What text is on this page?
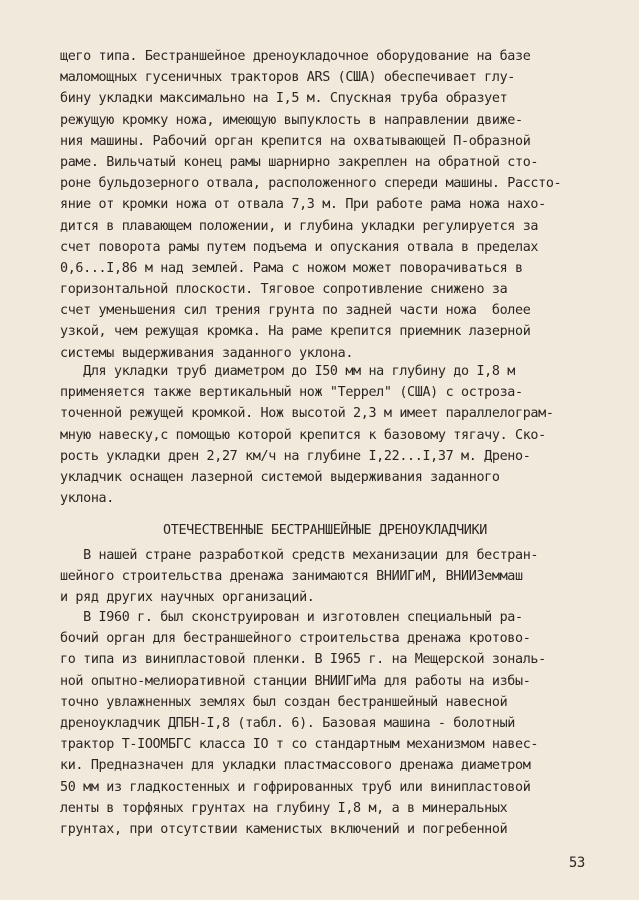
щего типа. Бестраншейное дреноукладочное оборудование на базе
маломощных гусеничных тракторов ARS (США) обеспечивает глу-
бину укладки максимально на I,5 м. Спускная труба образует
режущую кромку ножа, имеющую выпуклость в направлении движе-
ния машины. Рабочий орган крепится на охватывающей П-образной
раме. Вильчатый конец рамы шарнирно закреплен на обратной сто-
роне бульдозерного отвала, расположенного спереди машины. Рассто-
яние от кромки ножа от отвала 7,3 м. При работе рама ножа нахо-
дится в плавающем положении, и глубина укладки регулируется за
счет поворота рамы путем подъема и опускания отвала в пределах
0,6...I,86 м над землей. Рама с ножом может поворачиваться в
горизонтальной плоскости. Тяговое сопротивление снижено за
счет уменьшения сил трения грунта по задней части ножа  более
узкой, чем режущая кромка. На раме крепится приемник лазерной
системы выдерживания заданного уклона.
Для укладки труб диаметром до I50 мм на глубину до I,8 м
применяется также вертикальный нож "Террел" (США) с остроза-
точенной режущей кромкой. Нож высотой 2,3 м имеет параллелограм-
мную навеску,с помощью которой крепится к базовому тягачу. Ско-
рость укладки дрен 2,27 км/ч на глубине I,22...I,37 м. Дрено-
укладчик оснащен лазерной системой выдерживания заданного
уклона.
ОТЕЧЕСТВЕННЫЕ БЕСТРАНШЕЙНЫЕ ДРЕНОУКЛАДЧИКИ
В нашей стране разработкой средств механизации для бестран-
шейного строительства дренажа занимаются ВНИИГиМ, ВНИИЗеммаш
и ряд других научных организаций.
В I960 г. был сконструирован и изготовлен специальный ра-
бочий орган для бестраншейного строительства дренажа кротово-
го типа из винипластовой пленки. В I965 г. на Мещерской зональ-
ной опытно-мелиоративной станции ВНИИГиМа для работы на избы-
точно увлажненных землях был создан бестраншейный навесной
дреноукладчик ДПБН-I,8 (табл. 6). Базовая машина - болотный
трактор Т-IOOМБГС класса IO т со стандартным механизмом навес-
ки. Предназначен для укладки пластмассового дренажа диаметром
50 мм из гладкостенных и гофрированных труб или винипластовой
ленты в торфяных грунтах на глубину I,8 м, а в минеральных
грунтах, при отсутствии каменистых включений и погребенной
53
